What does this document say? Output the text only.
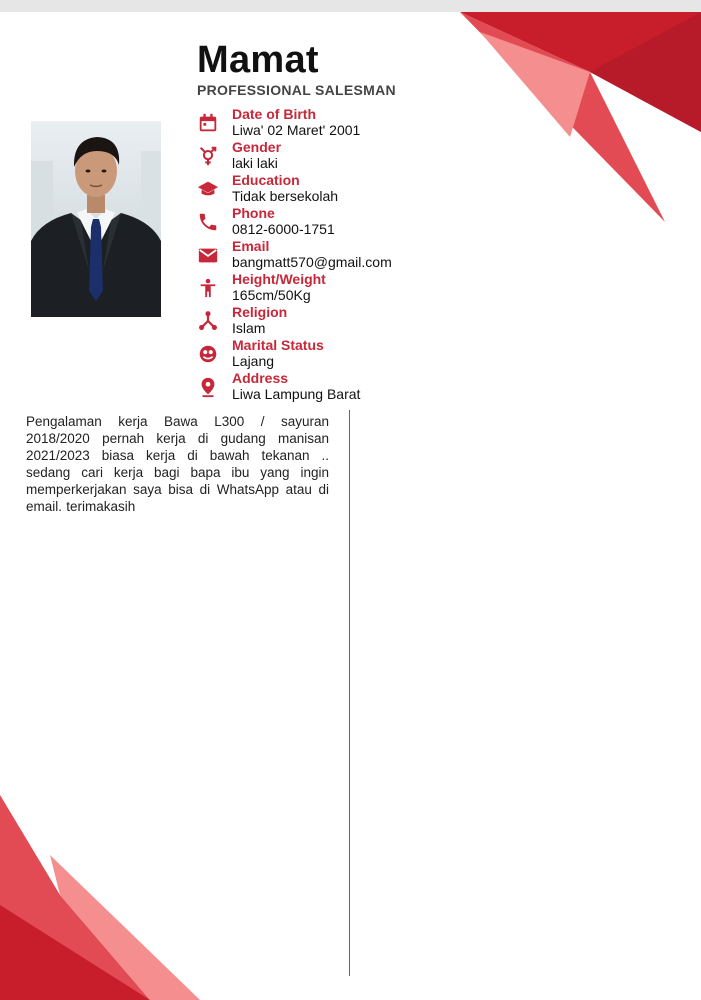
Mamat
PROFESSIONAL SALESMAN
Date of Birth
Liwa' 02 Maret' 2001
Gender
laki laki
Education
Tidak bersekolah
Phone
0812-6000-1751
Email
bangmatt570@gmail.com
Height/Weight
165cm/50Kg
Religion
Islam
Marital Status
Lajang
Address
Liwa Lampung Barat
Pengalaman kerja Bawa L300 / sayuran 2018/2020 pernah kerja di gudang manisan 2021/2023 biasa kerja di bawah tekanan .. sedang cari kerja bagi bapa ibu yang ingin memperkerjakan saya bisa di WhatsApp atau di email. terimakasih
